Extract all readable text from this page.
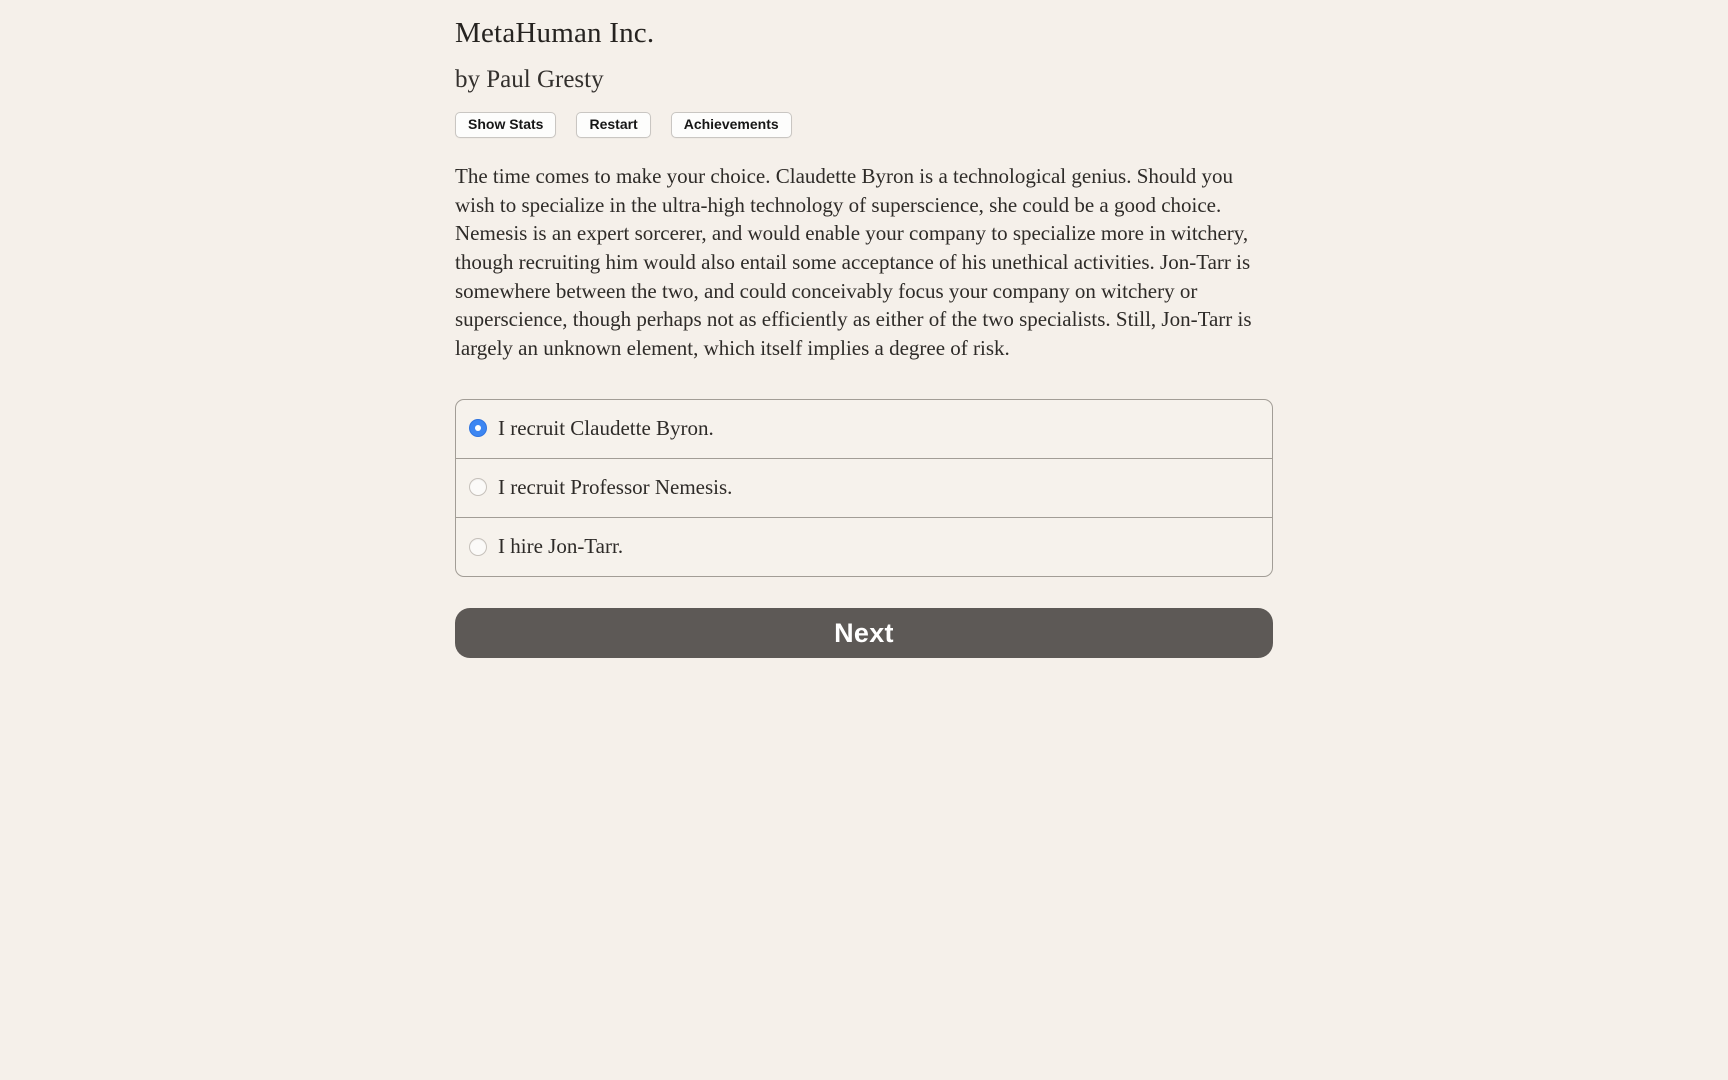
MetaHuman Inc.
by Paul Gresty
Show Stats	Restart	Achievements

The time comes to make your choice. Claudette Byron is a technological genius. Should you wish to specialize in the ultra-high technology of superscience, she could be a good choice. Nemesis is an expert sorcerer, and would enable your company to specialize more in witchery, though recruiting him would also entail some acceptance of his unethical activities. Jon-Tarr is somewhere between the two, and could conceivably focus your company on witchery or superscience, though perhaps not as efficiently as either of the two specialists. Still, Jon-Tarr is largely an unknown element, which itself implies a degree of risk.

I recruit Claudette Byron.
I recruit Professor Nemesis.
I hire Jon-Tarr.
Next
